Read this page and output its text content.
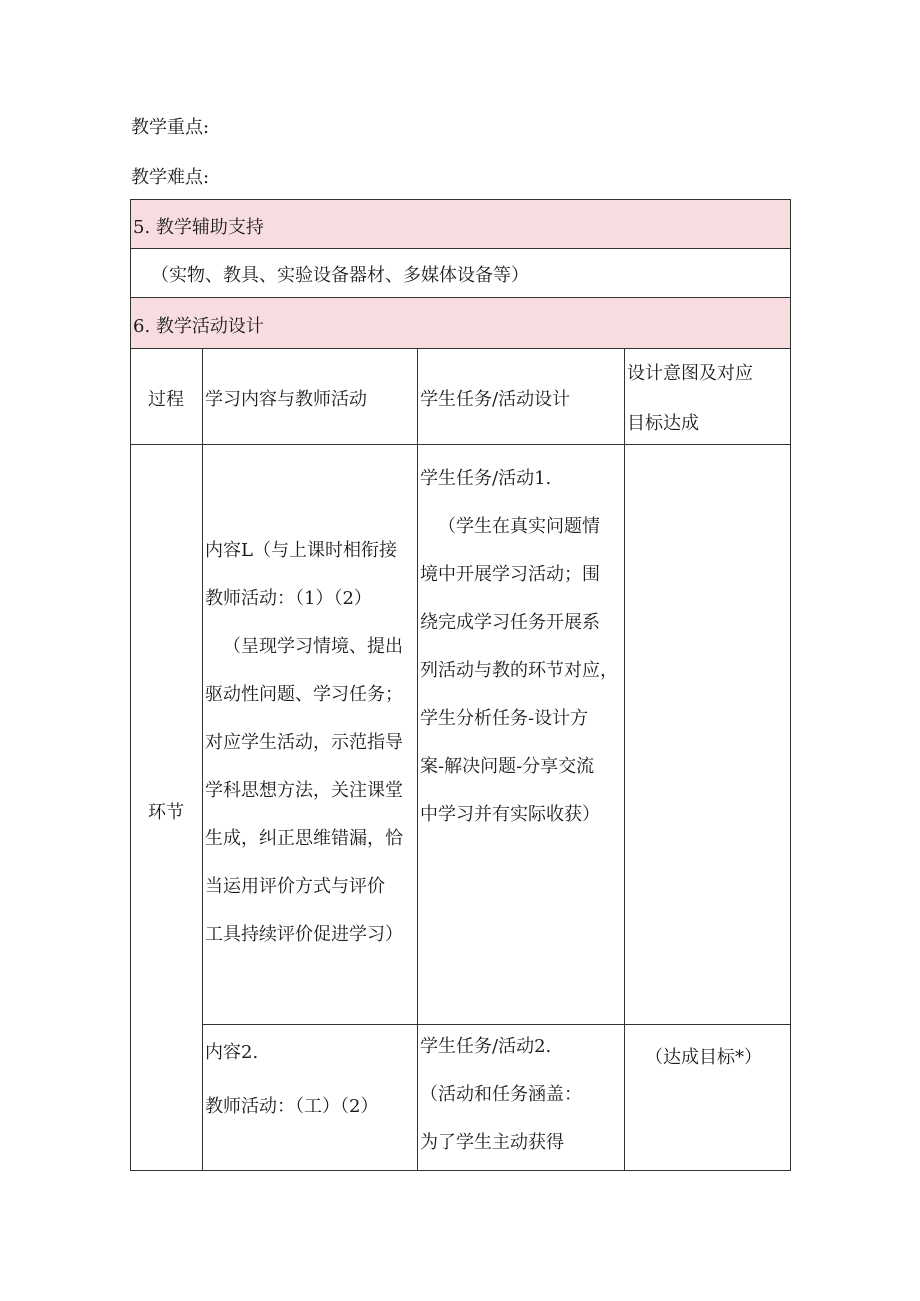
教学重点:
教学难点:
5. 教学辅助支持
（实物、教具、实验设备器材、多媒体设备等）
6. 教学活动设计
过程 学习内容与教师活动	学生任务/活动设计
设计意图及对应
目标达成
环节
内容L（与上课时相衔接
教师活动：（1）（2）
（呈现学习情境、提出
驱动性问题、学习任务；
对应学生活动，示范指导
学科思想方法，关注课堂
生成，纠正思维错漏，恰
当运用评价方式与评价
工具持续评价促进学习）
学生任务/活动1.
（学生在真实问题情
境中开展学习活动；围
绕完成学习任务开展系
列活动与教的环节对应，
学生分析任务-设计方
案-解决问题-分享交流
中学习并有实际收获）
内容2.
教师活动：（工）（2）
学生任务/活动2.
（活动和任务涵盖：
为了学生主动获得
（达成目标*）
